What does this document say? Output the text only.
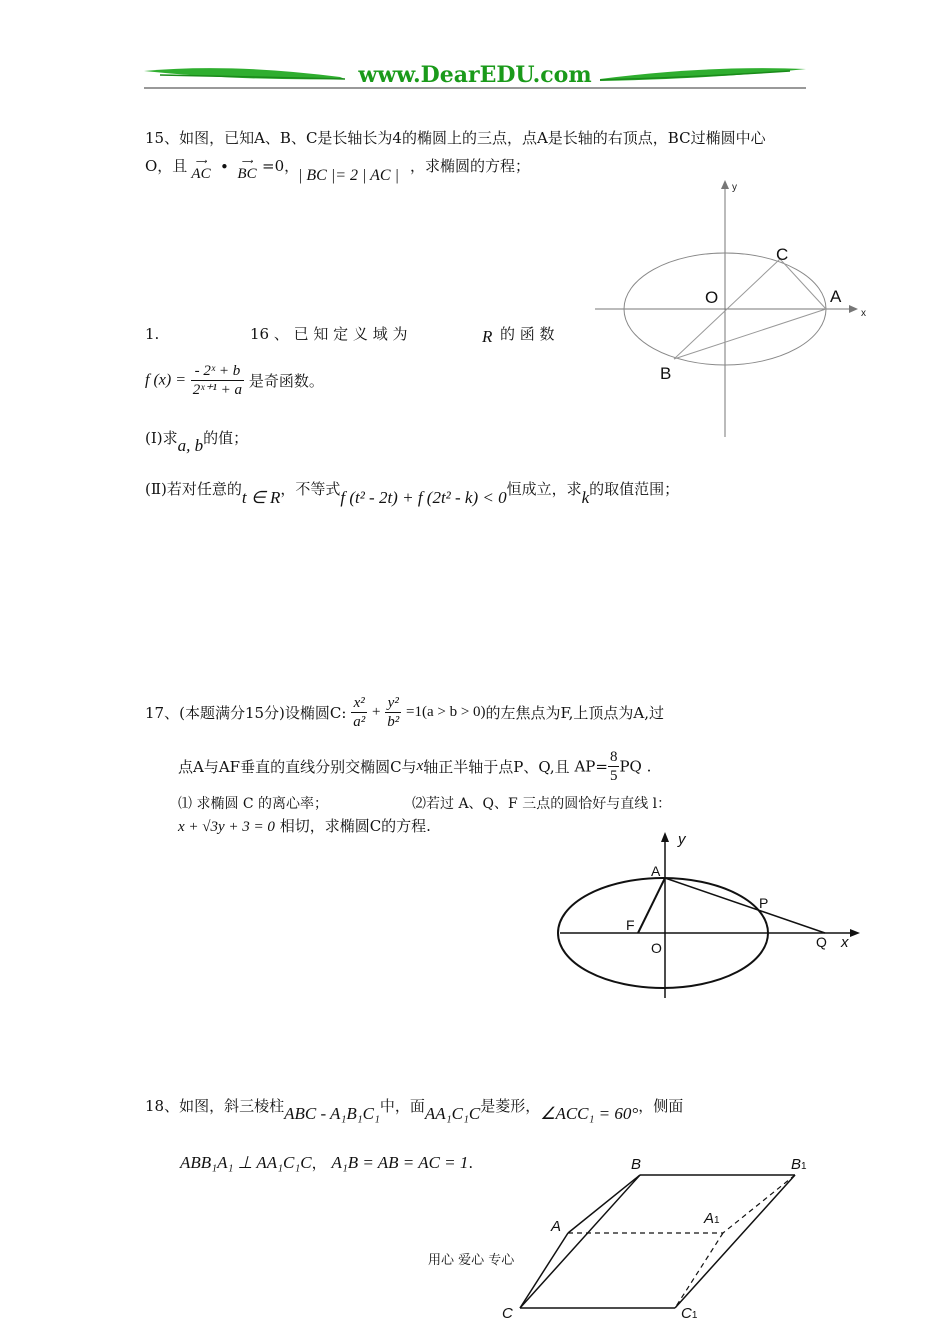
www.DearEDU.com
15、如图，已知A、B、C是长轴长为4的椭圆上的三点，点A是长轴的右顶点，BC过椭圆中心
O，且 ⟶
AC •	⟶
BC =0，
| BC |= 2 | AC |
，求椭圆的方程；
y
x
O	A
C
B
1.	16 、 已 知 定 义 域 为	R 的 函 数
f $(x) = \frac{\text{- 2ˣ + b}}{\text{2ˣ⁺¹ + a}}$ 是奇函数。
(Ⅰ)求a, b的值；
(Ⅱ)若对任意的t ∈ R，不等式f (t² - 2t) + f (2t² - k) < 0恒成立，求k的取值范围；
17、(本题满分15分)设椭圆C: $\frac{\text{x²}}{\text{a²}} + \frac{\text{y²}}{\text{b²}} =1(a > b > 0)$的左焦点为F,上顶点为A,过
点A与AF垂直的直线分别交椭圆C与x轴正半轴于点P、Q,且 $AP= \frac{8}{5}$ PQ .
⑴ 求椭圆 C 的离心率；	⑵若过 A、Q、F 三点的圆恰好与直线 l：
x + √3y + 3 = 0 相切，求椭圆C的方程.
y
x
A
P
F
O	Q
18、如图，斜三棱柱ABC - A₁B₁C₁中，面AA₁C₁C是菱形，∠ACC₁ = 60°，侧面
ABB₁A₁ ⊥ AA₁C₁C， A₁B = AB = AC = 1.	B	B1
A	A1
C	C1
用心 爱心 专心
